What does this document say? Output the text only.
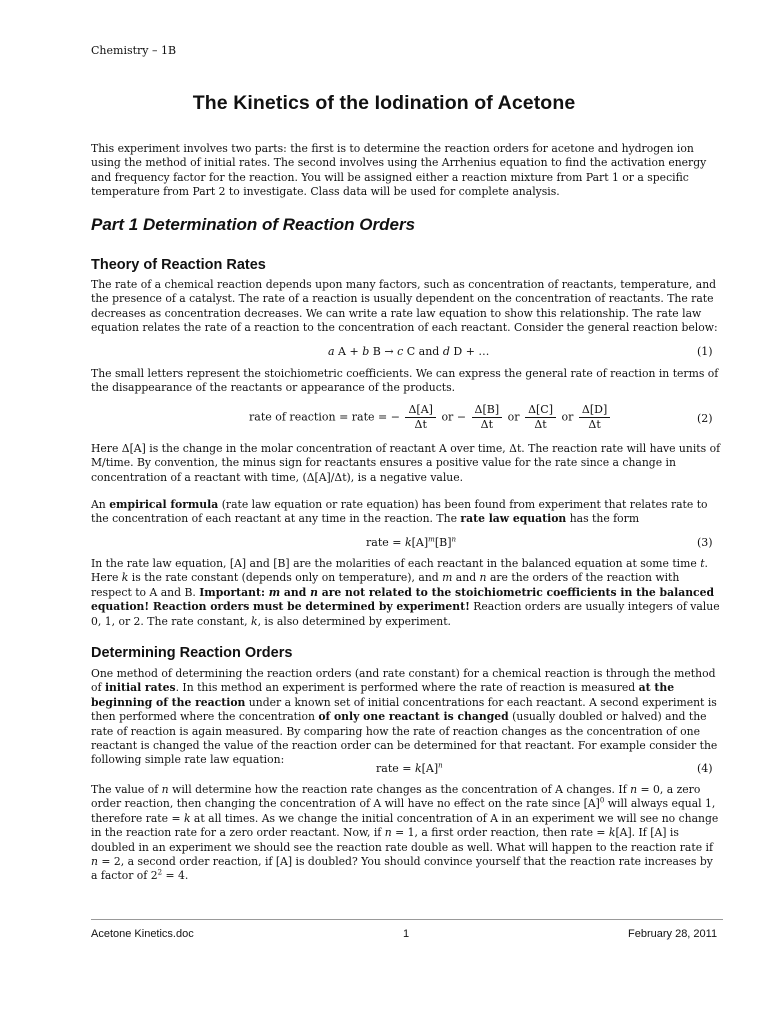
Chemistry – 1B
The Kinetics of the Iodination of Acetone
This experiment involves two parts: the first is to determine the reaction orders for acetone and hydrogen ion using the method of initial rates. The second involves using the Arrhenius equation to find the activation energy and frequency factor for the reaction. You will be assigned either a reaction mixture from Part 1 or a specific temperature from Part 2 to investigate. Class data will be used for complete analysis.
Part 1 Determination of Reaction Orders
Theory of Reaction Rates
The rate of a chemical reaction depends upon many factors, such as concentration of reactants, temperature, and the presence of a catalyst. The rate of a reaction is usually dependent on the concentration of reactants. The rate decreases as concentration decreases. We can write a rate law equation to show this relationship. The rate law equation relates the rate of a reaction to the concentration of each reactant. Consider the general reaction below:
a A + b B → c C and d D + …	(1)
The small letters represent the stoichiometric coefficients. We can express the general rate of reaction in terms of the disappearance of the reactants or appearance of the products.
rate of reaction = rate = − $\frac{\Delta[A]}{\Delta t}$ or − $\frac{\Delta[B]}{\Delta t}$ or $\frac{\Delta[C]}{\Delta t}$ or $\frac{\Delta[D]}{\Delta t}$	(2)
Here Δ[A] is the change in the molar concentration of reactant A over time, Δt. The reaction rate will have units of M/time. By convention, the minus sign for reactants ensures a positive value for the rate since a change in concentration of a reactant with time, (Δ[A]/Δt), is a negative value.
An empirical formula (rate law equation or rate equation) has been found from experiment that relates rate to the concentration of each reactant at any time in the reaction. The rate law equation has the form
rate = $k[A]^m[B]^n$	(3)
In the rate law equation, [A] and [B] are the molarities of each reactant in the balanced equation at some time t. Here k is the rate constant (depends only on temperature), and m and n are the orders of the reaction with respect to A and B. Important: m and n are not related to the stoichiometric coefficients in the balanced equation! Reaction orders must be determined by experiment! Reaction orders are usually integers of value 0, 1, or 2. The rate constant, k, is also determined by experiment.
Determining Reaction Orders
One method of determining the reaction orders (and rate constant) for a chemical reaction is through the method of initial rates. In this method an experiment is performed where the rate of reaction is measured at the beginning of the reaction under a known set of initial concentrations for each reactant. A second experiment is then performed where the concentration of only one reactant is changed (usually doubled or halved) and the rate of reaction is again measured. By comparing how the rate of reaction changes as the concentration of one reactant is changed the value of the reaction order can be determined for that reactant. For example consider the following simple rate law equation:
rate = $k[A]^n$	(4)
The value of n will determine how the reaction rate changes as the concentration of A changes. If n = 0, a zero order reaction, then changing the concentration of A will have no effect on the rate since $[A]^0$ will always equal 1, therefore rate = k at all times. As we change the initial concentration of A in an experiment we will see no change in the reaction rate for a zero order reactant. Now, if n = 1, a first order reaction, then rate = k[A]. If [A] is doubled in an experiment we should see the reaction rate double as well. What will happen to the reaction rate if n = 2, a second order reaction, if [A] is doubled? You should convince yourself that the reaction rate increases by a factor of $2^2 = 4$.
Acetone Kinetics.doc	1	February 28, 2011
